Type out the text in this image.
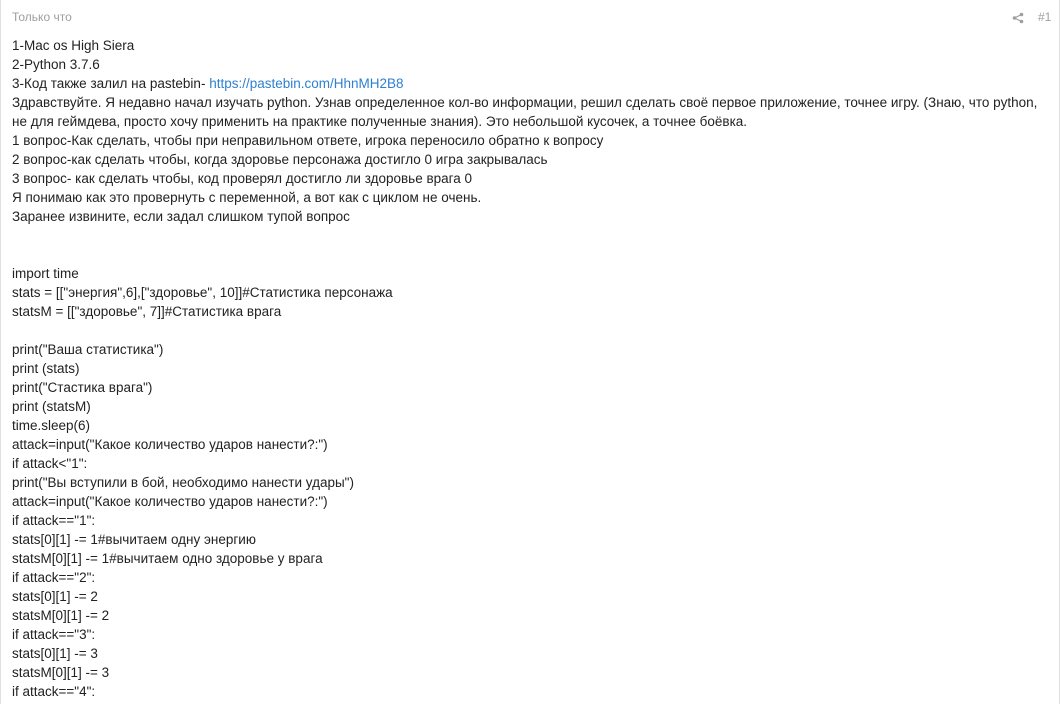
Только что	#1
1-Mac os High Siera
2-Python 3.7.6
3-Код также залил на pastebin- https://pastebin.com/HhnMH2B8
Здравствуйте. Я недавно начал изучать python. Узнав определенное кол-во информации, решил сделать своё первое приложение, точнее игру. (Знаю, что python, не для геймдева, просто хочу применить на практике полученные знания). Это небольшой кусочек, а точнее боёвка.
1 вопрос-Как сделать, чтобы при неправильном ответе, игрока переносило обратно к вопросу
2 вопрос-как сделать чтобы, когда здоровье персонажа достигло 0 игра закрывалась
3 вопрос- как сделать чтобы, код проверял достигло ли здоровье врага 0
Я понимаю как это провернуть с переменной, а вот как с циклом не очень.
Заранее извините, если задал слишком тупой вопрос
import time
stats = [["энергия",6],["здоровье", 10]]#Статистика персонажа
statsM = [["здоровье", 7]]#Статистика врага
print("Ваша статистика")
print (stats)
print("Стастика врага")
print (statsM)
time.sleep(6)
attack=input("Какое количество ударов нанести?:")
if attack<"1":
print("Вы вступили в бой, необходимо нанести удары")
attack=input("Какое количество ударов нанести?:")
if attack=="1":
stats[0][1] -= 1#вычитаем одну энергию
statsM[0][1] -= 1#вычитаем одно здоровье у врага
if attack=="2":
stats[0][1] -= 2
statsM[0][1] -= 2
if attack=="3":
stats[0][1] -= 3
statsM[0][1] -= 3
if attack=="4":
